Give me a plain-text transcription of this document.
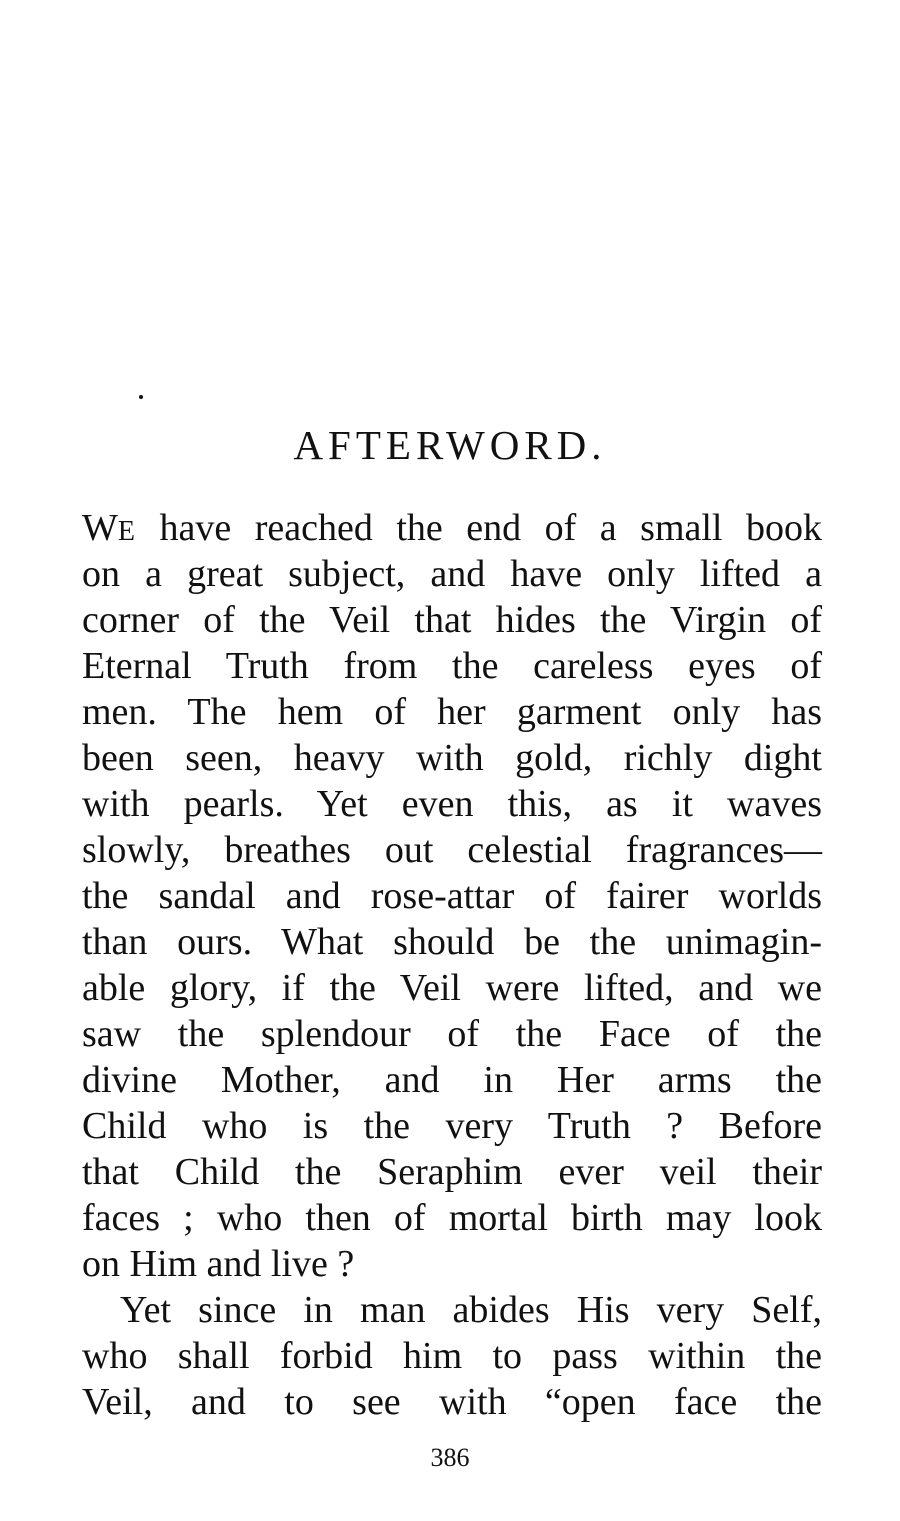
AFTERWORD.
WE have reached the end of a small book
on a great subject, and have only lifted a
corner of the Veil that hides the Virgin of
Eternal Truth from the careless eyes of
men. The hem of her garment only has
been seen, heavy with gold, richly dight
with pearls. Yet even this, as it waves
slowly, breathes out celestial fragrances—
the sandal and rose-attar of fairer worlds
than ours. What should be the unimagin-
able glory, if the Veil were lifted, and we
saw the splendour of the Face of the
divine Mother, and in Her arms the
Child who is the very Truth ? Before
that Child the Seraphim ever veil their
faces ; who then of mortal birth may look
on Him and live ?
Yet since in man abides His very Self,
who shall forbid him to pass within the
Veil, and to see with “open face the
386
